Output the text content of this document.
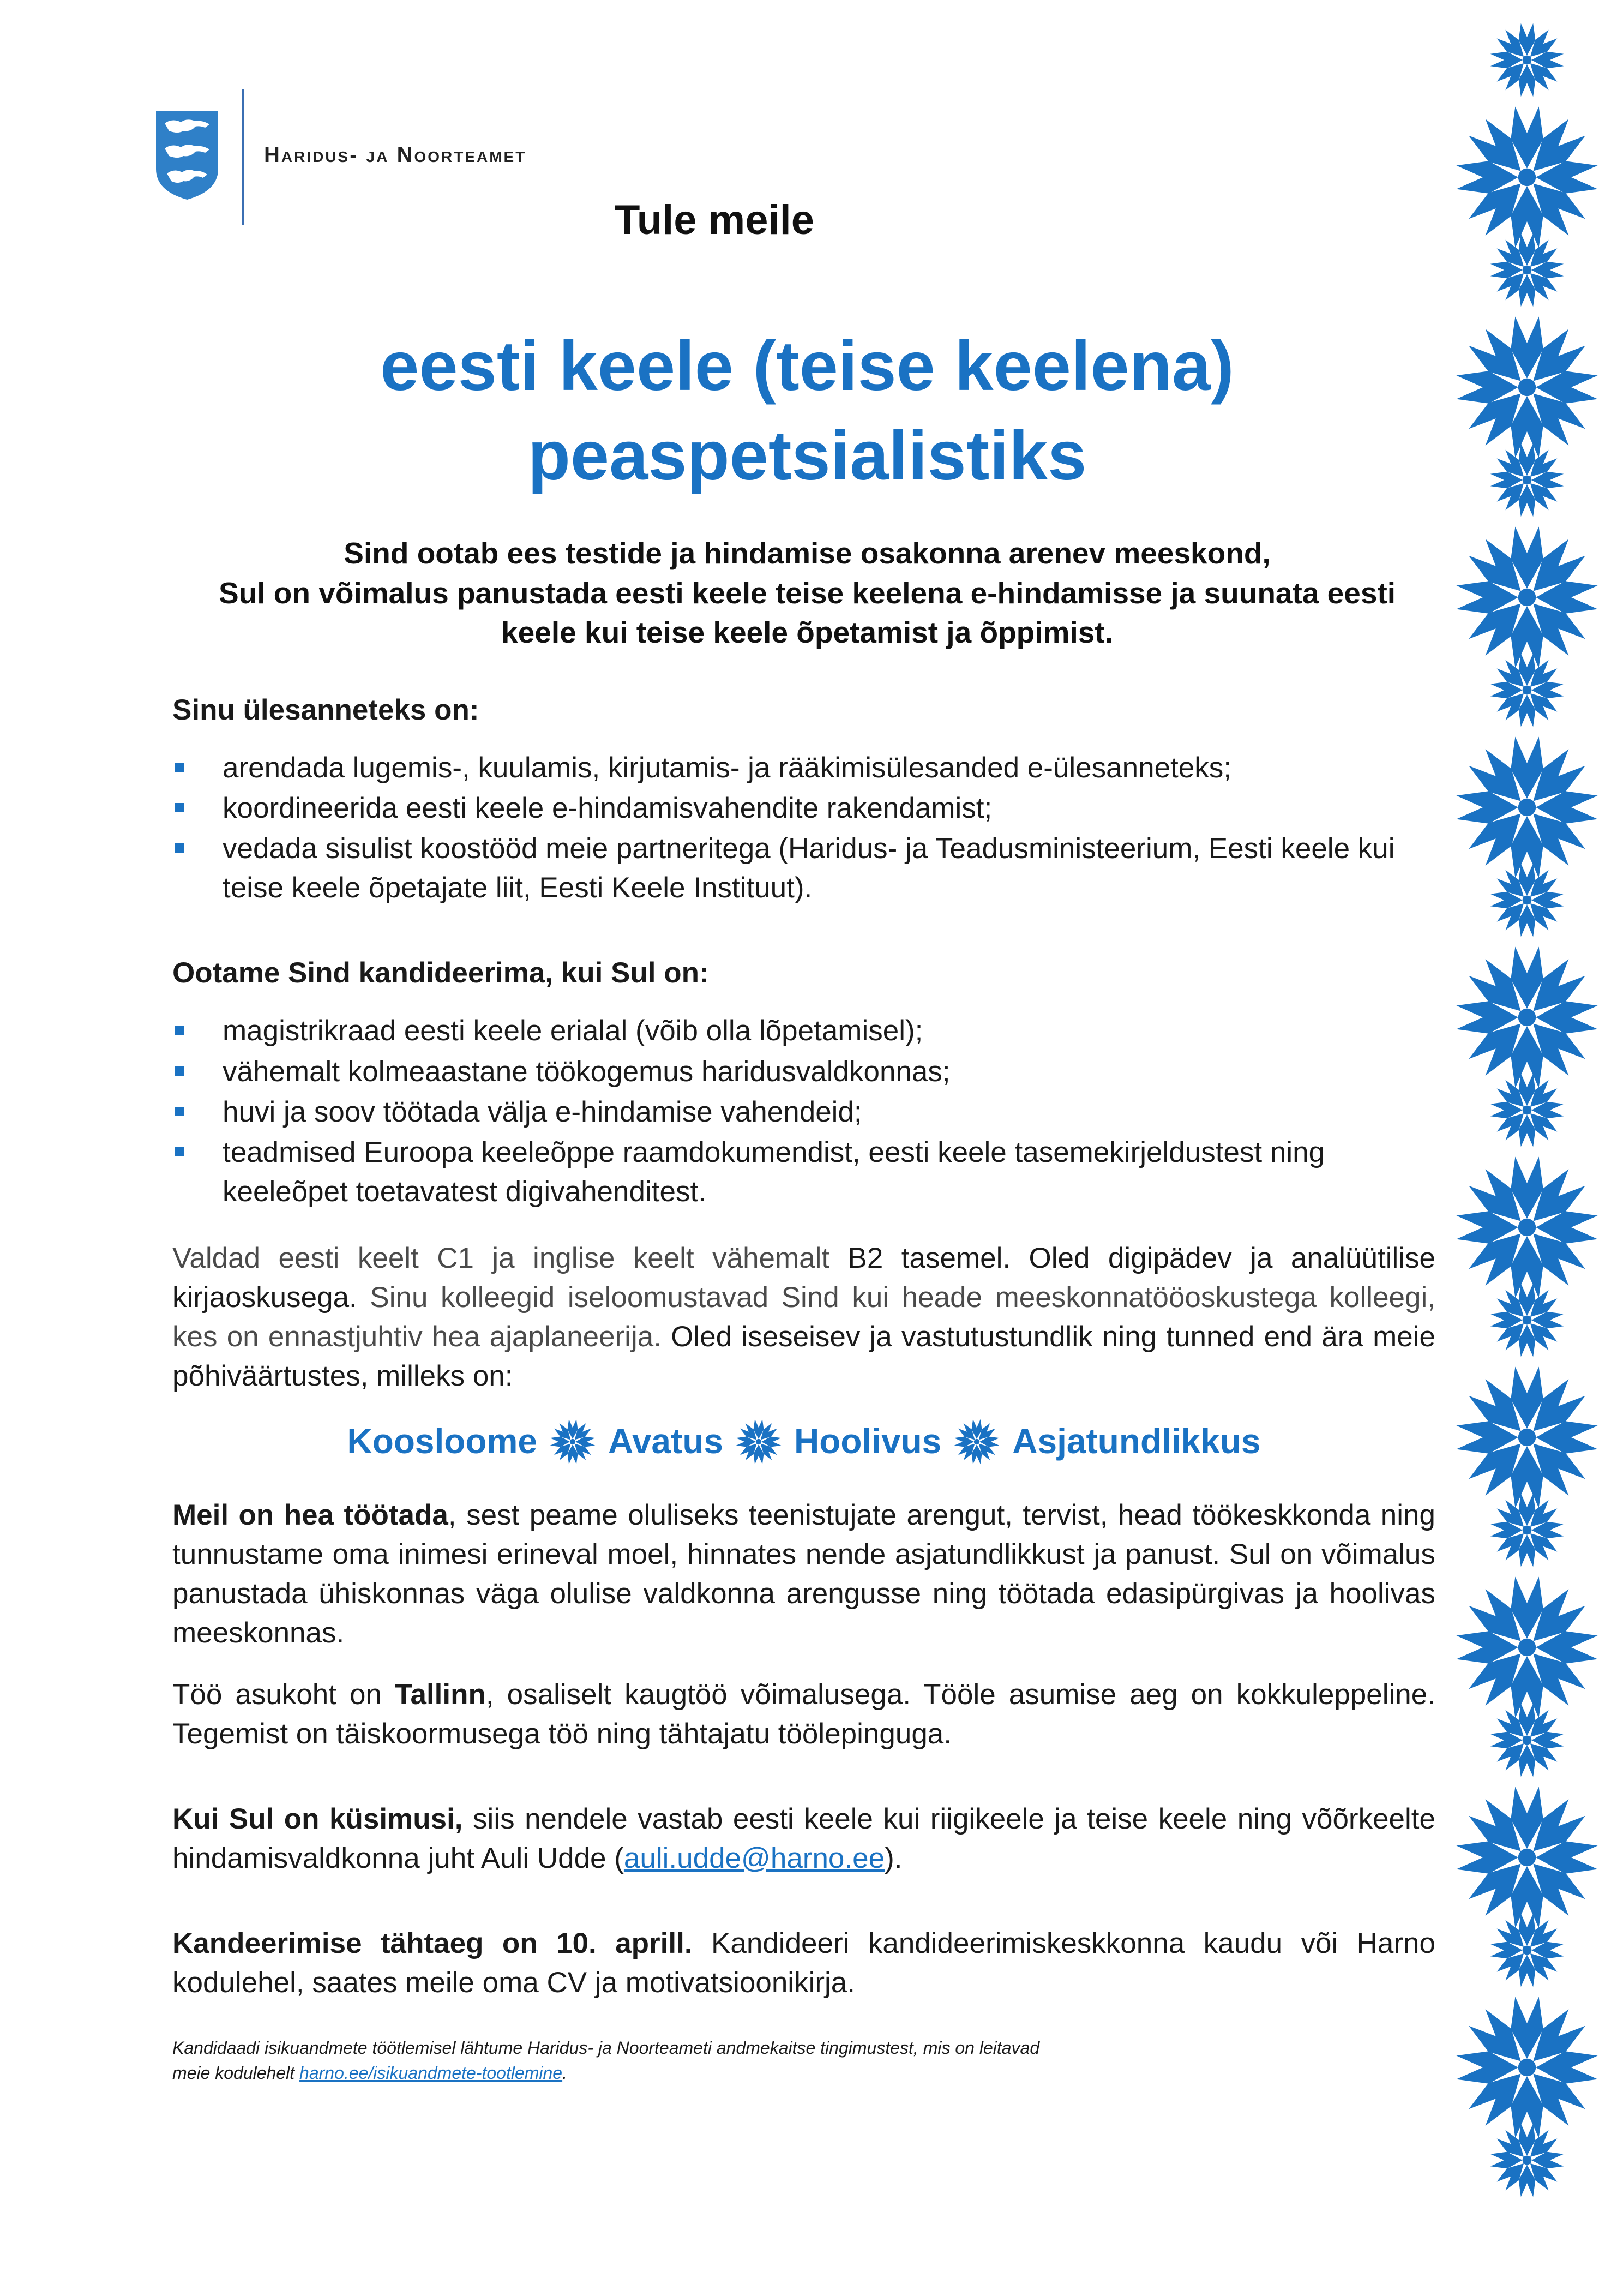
Haridus- ja Noorteamet
Tule meile
eesti keele (teise keelena)
peaspetsialistiks
Sind ootab ees testide ja hindamise osakonna arenev meeskond,
Sul on võimalus panustada eesti keele teise keelena e-hindamisse ja suunata eesti
keele kui teise keele õpetamist ja õppimist.
Sinu ülesanneteks on:
arendada lugemis-, kuulamis, kirjutamis- ja rääkimisülesanded e-ülesanneteks;
koordineerida eesti keele e-hindamisvahendite rakendamist;
vedada sisulist koostööd meie partneritega (Haridus- ja Teadusministeerium, Eesti keele kui teise keele õpetajate liit, Eesti Keele Instituut).
Ootame Sind kandideerima, kui Sul on:
magistrikraad eesti keele erialal (võib olla lõpetamisel);
vähemalt kolmeaastane töökogemus haridusvaldkonnas;
huvi ja soov töötada välja e-hindamise vahendeid;
teadmised Euroopa keeleõppe raamdokumendist, eesti keele tasemekirjeldustest ning keeleõpet toetavatest digivahenditest.

Valdad eesti keelt C1 ja inglise keelt vähemalt B2 tasemel. Oled digipädev ja analüütilise kirjaoskusega. Sinu kolleegid iseloomustavad Sind kui heade meeskonnatööoskustega kolleegi, kes on ennastjuhtiv hea ajaplaneerija. Oled iseseisev ja vastutustundlik ning tunned end ära meie põhiväärtustes, milleks on:

Koosloome Avatus Hoolivus Asjatundlikkus

Meil on hea töötada, sest peame oluliseks teenistujate arengut, tervist, head töökeskkonda ning tunnustame oma inimesi erineval moel, hinnates nende asjatundlikkust ja panust. Sul on võimalus panustada ühiskonnas väga olulise valdkonna arengusse ning töötada edasipürgivas ja hoolivas meeskonnas.

Töö asukoht on Tallinn, osaliselt kaugtöö võimalusega. Tööle asumise aeg on kokkuleppeline. Tegemist on täiskoormusega töö ning tähtajatu töölepinguga.

Kui Sul on küsimusi, siis nendele vastab eesti keele kui riigikeele ja teise keele ning võõrkeelte hindamisvaldkonna juht Auli Udde (auli.udde@harno.ee).

Kandeerimise tähtaeg on 10. aprill. Kandideeri kandideerimiskeskkonna kaudu või Harno kodulehel, saates meile oma CV ja motivatsioonikirja.

Kandidaadi isikuandmete töötlemisel lähtume Haridus- ja Noorteameti andmekaitse tingimustest, mis on leitavad
meie kodulehelt harno.ee/isikuandmete-tootlemine.
